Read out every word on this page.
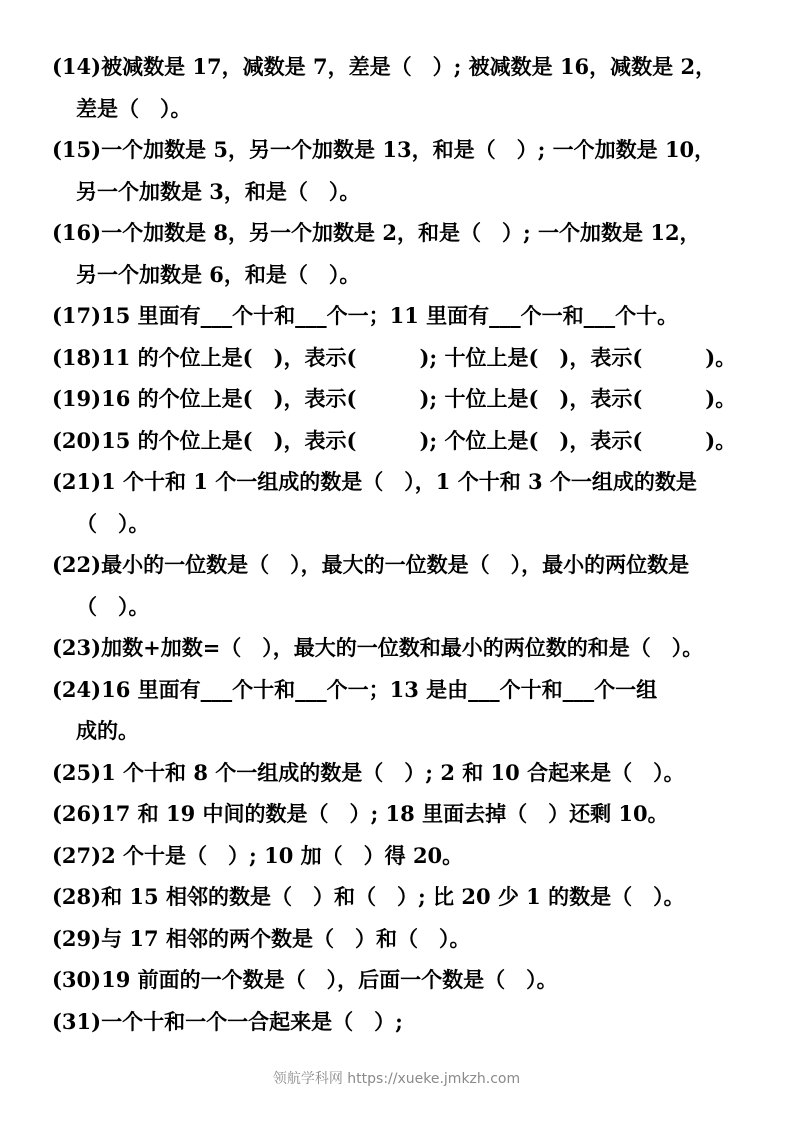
(14)被减数是 17，减数是 7，差是（　）; 被减数是 16，减数是 2，
差是（　）。
(15)一个加数是 5，另一个加数是 13，和是（　）; 一个加数是 10，
另一个加数是 3，和是（　）。
(16)一个加数是 8，另一个加数是 2，和是（　）; 一个加数是 12，
另一个加数是 6，和是（　）。
(17)15 里面有___个十和___个一；11 里面有___个一和___个十。
(18)11 的个位上是(　)，表示(　　　); 十位上是(　)，表示(　　　)。
(19)16 的个位上是(　)，表示(　　　); 十位上是(　)，表示(　　　)。
(20)15 的个位上是(　)，表示(　　　); 个位上是(　)，表示(　　　)。
(21)1 个十和 1 个一组成的数是（　），1 个十和 3 个一组成的数是
（　）。
(22)最小的一位数是（　），最大的一位数是（　），最小的两位数是
（　）。
(23)加数+加数=（　），最大的一位数和最小的两位数的和是（　）。
(24)16 里面有___个十和___个一；13 是由___个十和___个一组
成的。
(25)1 个十和 8 个一组成的数是（　）; 2 和 10 合起来是（　）。
(26)17 和 19 中间的数是（　）; 18 里面去掉（　）还剩 10。
(27)2 个十是（　）; 10 加（　）得 20。
(28)和 15 相邻的数是（　）和（　）; 比 20 少 1 的数是（　）。
(29)与 17 相邻的两个数是（　）和（　）。
(30)19 前面的一个数是（　），后面一个数是（　）。
(31)一个十和一个一合起来是（　）;
领航学科网 https://xueke.jmkzh.com
